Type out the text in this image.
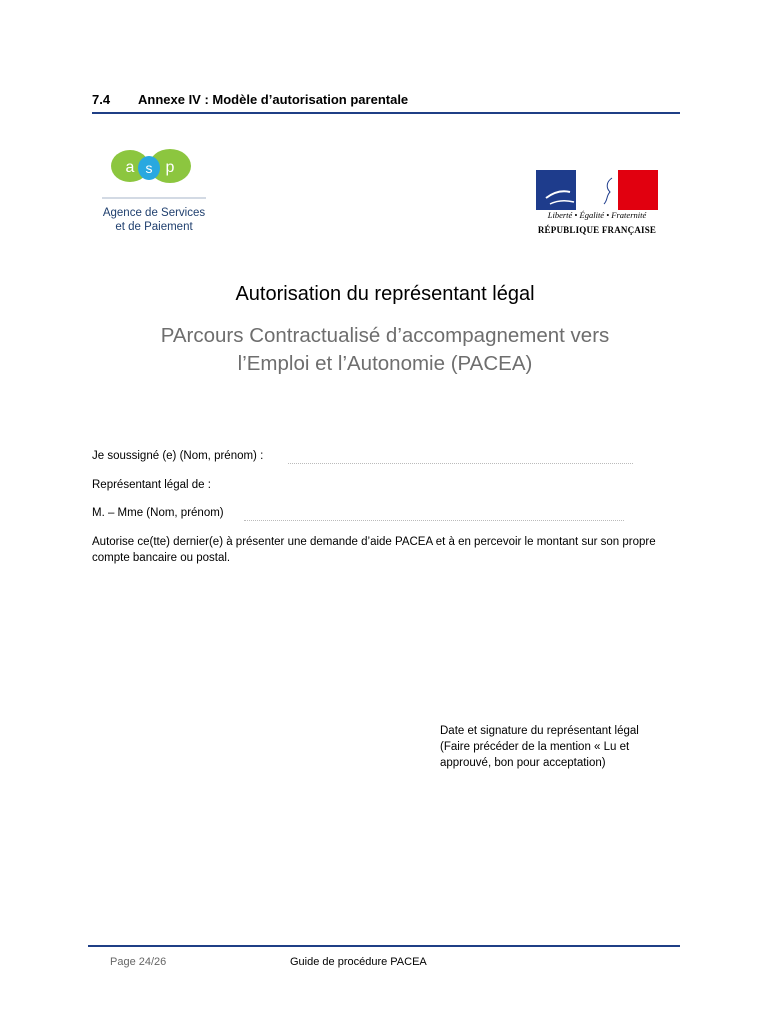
7.4 Annexe IV : Modèle d’autorisation parentale
a s p
Agence de Services
et de Paiement
Liberté • Égalité • Fraternité
RÉPUBLIQUE FRANÇAISE
Autorisation du représentant légal
PArcours Contractualisé d’accompagnement vers
l’Emploi et l’Autonomie (PACEA)
Je soussigné (e) (Nom, prénom) :
Représentant légal de :
M. – Mme (Nom, prénom)
Autorise ce(tte) dernier(e) à présenter une demande d’aide PACEA et à en percevoir le montant sur son propre compte bancaire ou postal.
Date et signature du représentant légal
(Faire précéder de la mention « Lu et approuvé, bon pour acceptation)
Page 24/26	Guide de procédure PACEA
